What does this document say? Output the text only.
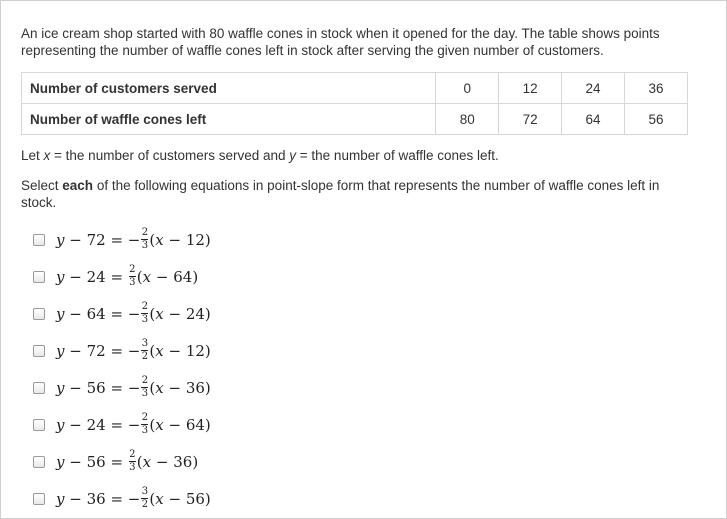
An ice cream shop started with 80 waffle cones in stock when it opened for the day. The table shows points representing the number of waffle cones left in stock after serving the given number of customers.

Number of customers served	0	12	24	36
Number of waffle cones left	80	72	64	56

Let x = the number of customers served and y = the number of waffle cones left.

Select each of the following equations in point-slope form that represents the number of waffle cones left in stock.

y − 72 = − $\frac{2}{3}$ ( x − 12 )
$y - 24 = \frac{2}{3}$ ( x − 64 )
y − 64 = − $\frac{2}{3}$ ( x − 24 )
y − 72 = − $\frac{3}{2}$ ( x − 12 )
y − 56 = − $\frac{2}{3}$ ( x − 36 )
y − 24 = − $\frac{2}{3}$ ( x − 64 )
$y - 56 = \frac{2}{3}$ ( x − 36 )
y − 36 = − $\frac{3}{2}$ ( x − 56 )
